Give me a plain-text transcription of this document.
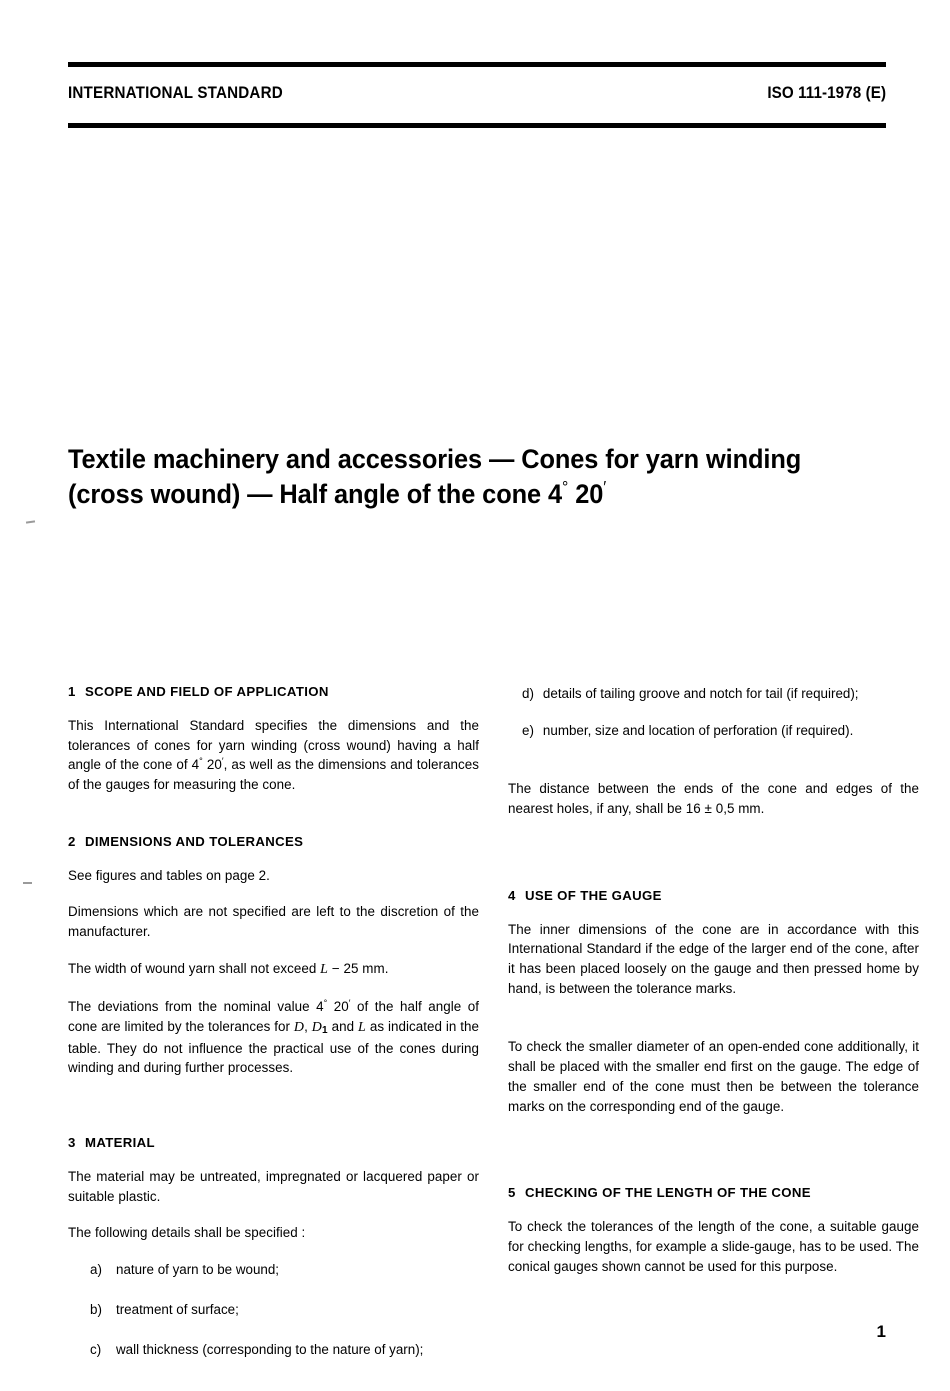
INTERNATIONAL STANDARD	ISO 111-1978 (E)
Textile machinery and accessories — Cones for yarn winding
(cross wound) — Half angle of the cone 4° 20′
1 SCOPE AND FIELD OF APPLICATION

This International Standard specifies the dimensions and the tolerances of cones for yarn winding (cross wound) having a half angle of the cone of 4° 20′, as well as the dimensions and tolerances of the gauges for measuring the cone.

2 DIMENSIONS AND TOLERANCES

See figures and tables on page 2.

Dimensions which are not specified are left to the discretion of the manufacturer.

The width of wound yarn shall not exceed L − 25 mm.

The deviations from the nominal value 4° 20′ of the half angle of cone are limited by the tolerances for D, $D_1$ and L as indicated in the table. They do not influence the practical use of the cones during winding and during further processes.

3 MATERIAL

The material may be untreated, impregnated or lacquered paper or suitable plastic.

The following details shall be specified :

a)	nature of yarn to be wound;
b)	treatment of surface;
c)	wall thickness (corresponding to the nature of yarn);
d) details of tailing groove and notch for tail (if required);
e) number, size and location of perforation (if required).

The distance between the ends of the cone and edges of the nearest holes, if any, shall be 16 ± 0,5 mm.

4 USE OF THE GAUGE

The inner dimensions of the cone are in accordance with this International Standard if the edge of the larger end of the cone, after it has been placed loosely on the gauge and then pressed home by hand, is between the tolerance marks.

To check the smaller diameter of an open-ended cone additionally, it shall be placed with the smaller end first on the gauge. The edge of the smaller end of the cone must then be between the tolerance marks on the corresponding end of the gauge.

5 CHECKING OF THE LENGTH OF THE CONE

To check the tolerances of the length of the cone, a suitable gauge for checking lengths, for example a slide-gauge, has to be used. The conical gauges shown cannot be used for this purpose.

1
